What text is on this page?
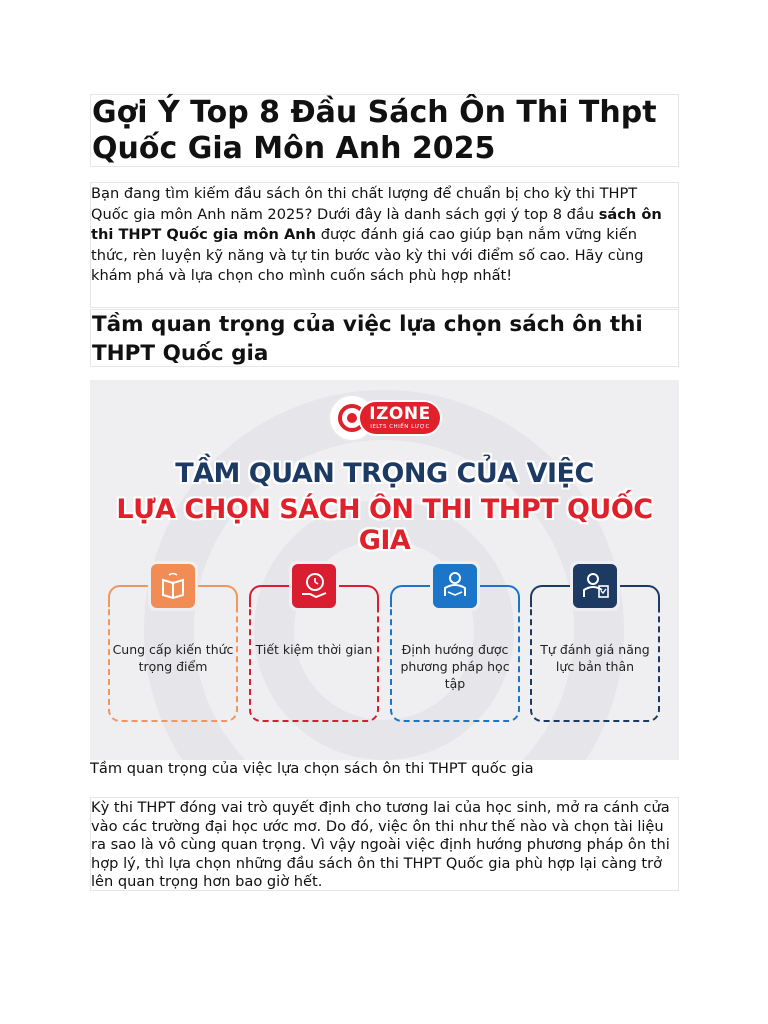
Gợi Ý Top 8 Đầu Sách Ôn Thi Thpt Quốc Gia Môn Anh 2025

Bạn đang tìm kiếm đầu sách ôn thi chất lượng để chuẩn bị cho kỳ thi THPT Quốc gia môn Anh năm 2025? Dưới đây là danh sách gợi ý top 8 đầu sách ôn thi THPT Quốc gia môn Anh được đánh giá cao giúp bạn nắm vững kiến thức, rèn luyện kỹ năng và tự tin bước vào kỳ thi với điểm số cao. Hãy cùng khám phá và lựa chọn cho mình cuốn sách phù hợp nhất!

Tầm quan trọng của việc lựa chọn sách ôn thi THPT Quốc gia
IZONE
IELTS CHIẾN LƯỢC
TẦM QUAN TRỌNG CỦA VIỆC
LỰA CHỌN SÁCH ÔN THI THPT QUỐC GIA
Cung cấp kiến thức trọng điểm
Tiết kiệm thời gian	Định hướng được phương pháp học tập
Tự đánh giá năng lực bản thân
Tầm quan trọng của việc lựa chọn sách ôn thi THPT quốc gia

Kỳ thi THPT đóng vai trò quyết định cho tương lai của học sinh, mở ra cánh cửa vào các trường đại học ước mơ. Do đó, việc ôn thi như thế nào và chọn tài liệu ra sao là vô cùng quan trọng. Vì vậy ngoài việc định hướng phương pháp ôn thi hợp lý, thì lựa chọn những đầu sách ôn thi THPT Quốc gia phù hợp lại càng trở lên quan trọng hơn bao giờ hết.
